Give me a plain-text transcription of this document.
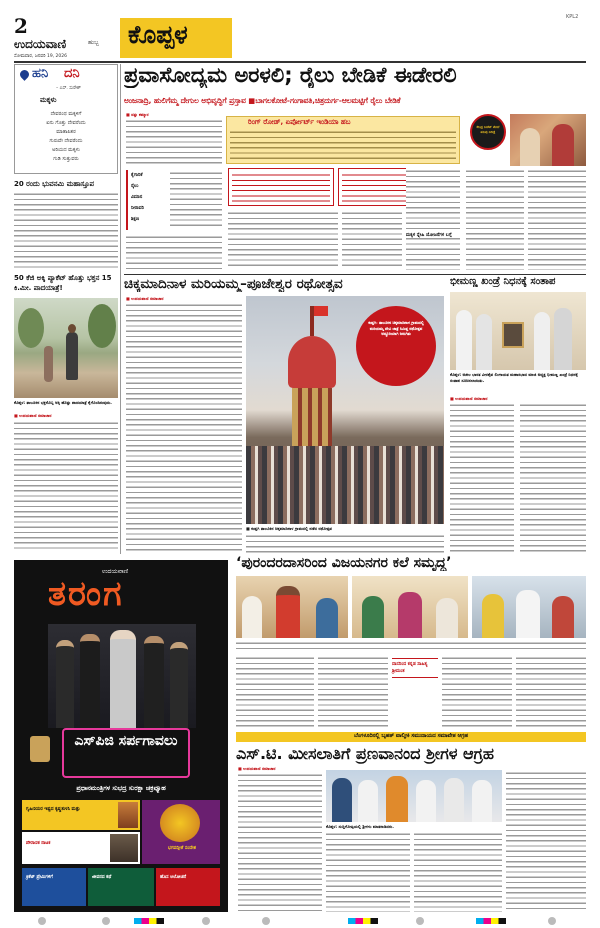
2
ಉದಯವಾಣಿ	ಹುಬ್ಬ
ಸೋಮವಾರ, ಜನವರಿ 19, 2026
ಕೊಪ್ಪಳ
KPL2
ಹನಿ ದನಿ
– ಎಸ್. ಸುರೇಶ್
ಮಕ್ಕಳು
ದೇವರಂಥ ಮಕ್ಕಳಿಗೆ
ಏನು ಗೊತ್ತು ದೇವರೆಂದು
ಮಾತಾಪಿತರ
ಗುರುವೇ ದೇವರೆಂದು
ಅರಿಯದ ಮಕ್ಕಳು
ಗುಡಿ ಸುತ್ತುವರು
20 ರಂದು ಭುವನಮಿ ಮಹಾಸ್ತೂಪ
50 ಕೆಜಿ ಅಕ್ಕಿ ಪ್ಯಾಕೆಟ್ ಹೊತ್ತು ಭಕ್ತನ 15 ಕಿ.ಮೀ. ಪಾದಯಾತ್ರೆ!
ಕೊಪ್ಪಳ: ತಾಲೂಕಿನ ಭಕ್ತನೊಬ್ಬ ಅಕ್ಕಿ ಹೊತ್ತು ಪಾದಯಾತ್ರೆ ಕೈಗೊಂಡಿರುವುದು.
■ ಉದಯವಾಣಿ ಸಮಾಚಾರ
ಪ್ರವಾಸೋದ್ಯಮ ಅರಳಲಿ; ರೈಲು ಬೇಡಿಕೆ ಈಡೇರಲಿ
ಅಂಜನಾದ್ರಿ, ಹುಲಿಗೆಮ್ಮ ದೇಗುಲ ಅಭಿವೃದ್ಧಿಗೆ ಪ್ರಸ್ತಾವ ■ಬಾಗಲಕೋಟೆ-ಗಂಗಾವತಿ,ಚಿತ್ರದುರ್ಗ-ಆಲಮಟ್ಟಿಗೆ ರೈಲು ಬೇಡಿಕೆ
■ ದತ್ತು ಕಮ್ಮಾರ
ಕೈಗಾರಿಕೆ
ರೈಲು
ವಿಮಾನ
ನೀರಾವರಿ
ಶಿಕ್ಷಣ
ರಿಂಗ್ ರೋಡ್, ಏರ್ಪೋರ್ಟ್ ಇಂಡಿಯಾ ಹಬ
ಕೇಂದ್ರ ಬಜೆಟ್ ಮೇಲೆ ಹಲವು ನಿರೀಕ್ಷೆ
ಮಕ್ಕಳ ಸ್ನೇಹಿ ಯೋಜನೆಗಳ ಬಗ್ಗೆ
ಚಿಕ್ಕಮಾದಿನಾಳ ಮರಿಯಮ್ಮ–ಪೂಜೇಶ್ವರ ರಥೋತ್ಸವ
■ ಉದಯವಾಣಿ ಸಮಾಚಾರ
ಕುಷ್ಟಗಿ: ತಾಲೂಕಿನ ಚಿಕ್ಕಮಾದಿನಾಳ ಗ್ರಾಮದಲ್ಲಿ ಮರಿಯಮ್ಮ ದೇವಿ ಜಾತ್ರೆ ನಿಮಿತ್ತ ರಥೋತ್ಸವ ಅದ್ಧೂರಿಯಾಗಿ ಜರುಗಿತು
■ ಕುಷ್ಟಗಿ ತಾಲೂಕಿನ ಚಿಕ್ಕಮಾದಿನಾಳ ಗ್ರಾಮದಲ್ಲಿ ನಡೆದ ರಥೋತ್ಸವ
ಭೀಮಣ್ಣ ಖಂಡ್ರೆ ನಿಧನಕ್ಕೆ ಸಂತಾಪ
ಕೊಪ್ಪಳ: ಅಖಿಲ ಭಾರತ ವೀರಶೈವ ಲಿಂಗಾಯತ ಮಹಾಸಭಾದ ಮಾಜಿ ಅಧ್ಯಕ್ಷ ಭೀಮಣ್ಣ ಖಂಡ್ರೆ ನಿಧನಕ್ಕೆ ಸಂತಾಪ ಸೂಚಿಸಲಾಯಿತು.
■ ಉದಯವಾಣಿ ಸಮಾಚಾರ
ಉದಯವಾಣಿ
ತರಂಗ
ಎಸ್‌ಪಿಜಿ ಸರ್ಪಗಾವಲು
ಪ್ರಧಾನಮಂತ್ರಿಗಳ ಸುಭದ್ರ ಸುರಕ್ಷಾ ಚಕ್ರವ್ಯೂಹ
ಗೃಹಿಣಿಯರ ಇಷ್ಟದ ಕೃಷ್ಣತುಳಸಿ ಮತ್ತು
ಪೌರಾಣಿಕ ನಾಟಕ
ಭಗವದ್ಗೀತೆ ಸಂದೇಶ
ಕ್ರಿಕೆಟ್ ಪ್ರೇಮಿಗಳಿಗೆ	ಜೀವನದ ಕಥೆ	ಹೊಸ ಆಲೋಚನೆ
‘ಪುರಂದರದಾಸರಿಂದ ವಿಜಯನಗರ ಕಲೆ ಸಮೃದ್ಧ’
ದಾಸರಿಂದ ಕನ್ನಡ ಸಾಹಿತ್ಯ ಶ್ರೀಮಂತ
ಬೆಂಗಳೂರಿನಲ್ಲಿ ಬೃಹತ್ ವಾಲ್ಮೀಕಿ ಸಮುದಾಯದ ಸಮಾವೇಶ ಆಗ್ರಹ
ಎಸ್.ಟಿ. ಮೀಸಲಾತಿಗೆ ಪ್ರಣವಾನಂದ ಶ್ರೀಗಳ ಆಗ್ರಹ
■ ಉದಯವಾಣಿ ಸಮಾಚಾರ
ಕೊಪ್ಪಳ: ಸುದ್ದಿಗೋಷ್ಠಿಯಲ್ಲಿ ಶ್ರೀಗಳು ಮಾತನಾಡಿದರು.
